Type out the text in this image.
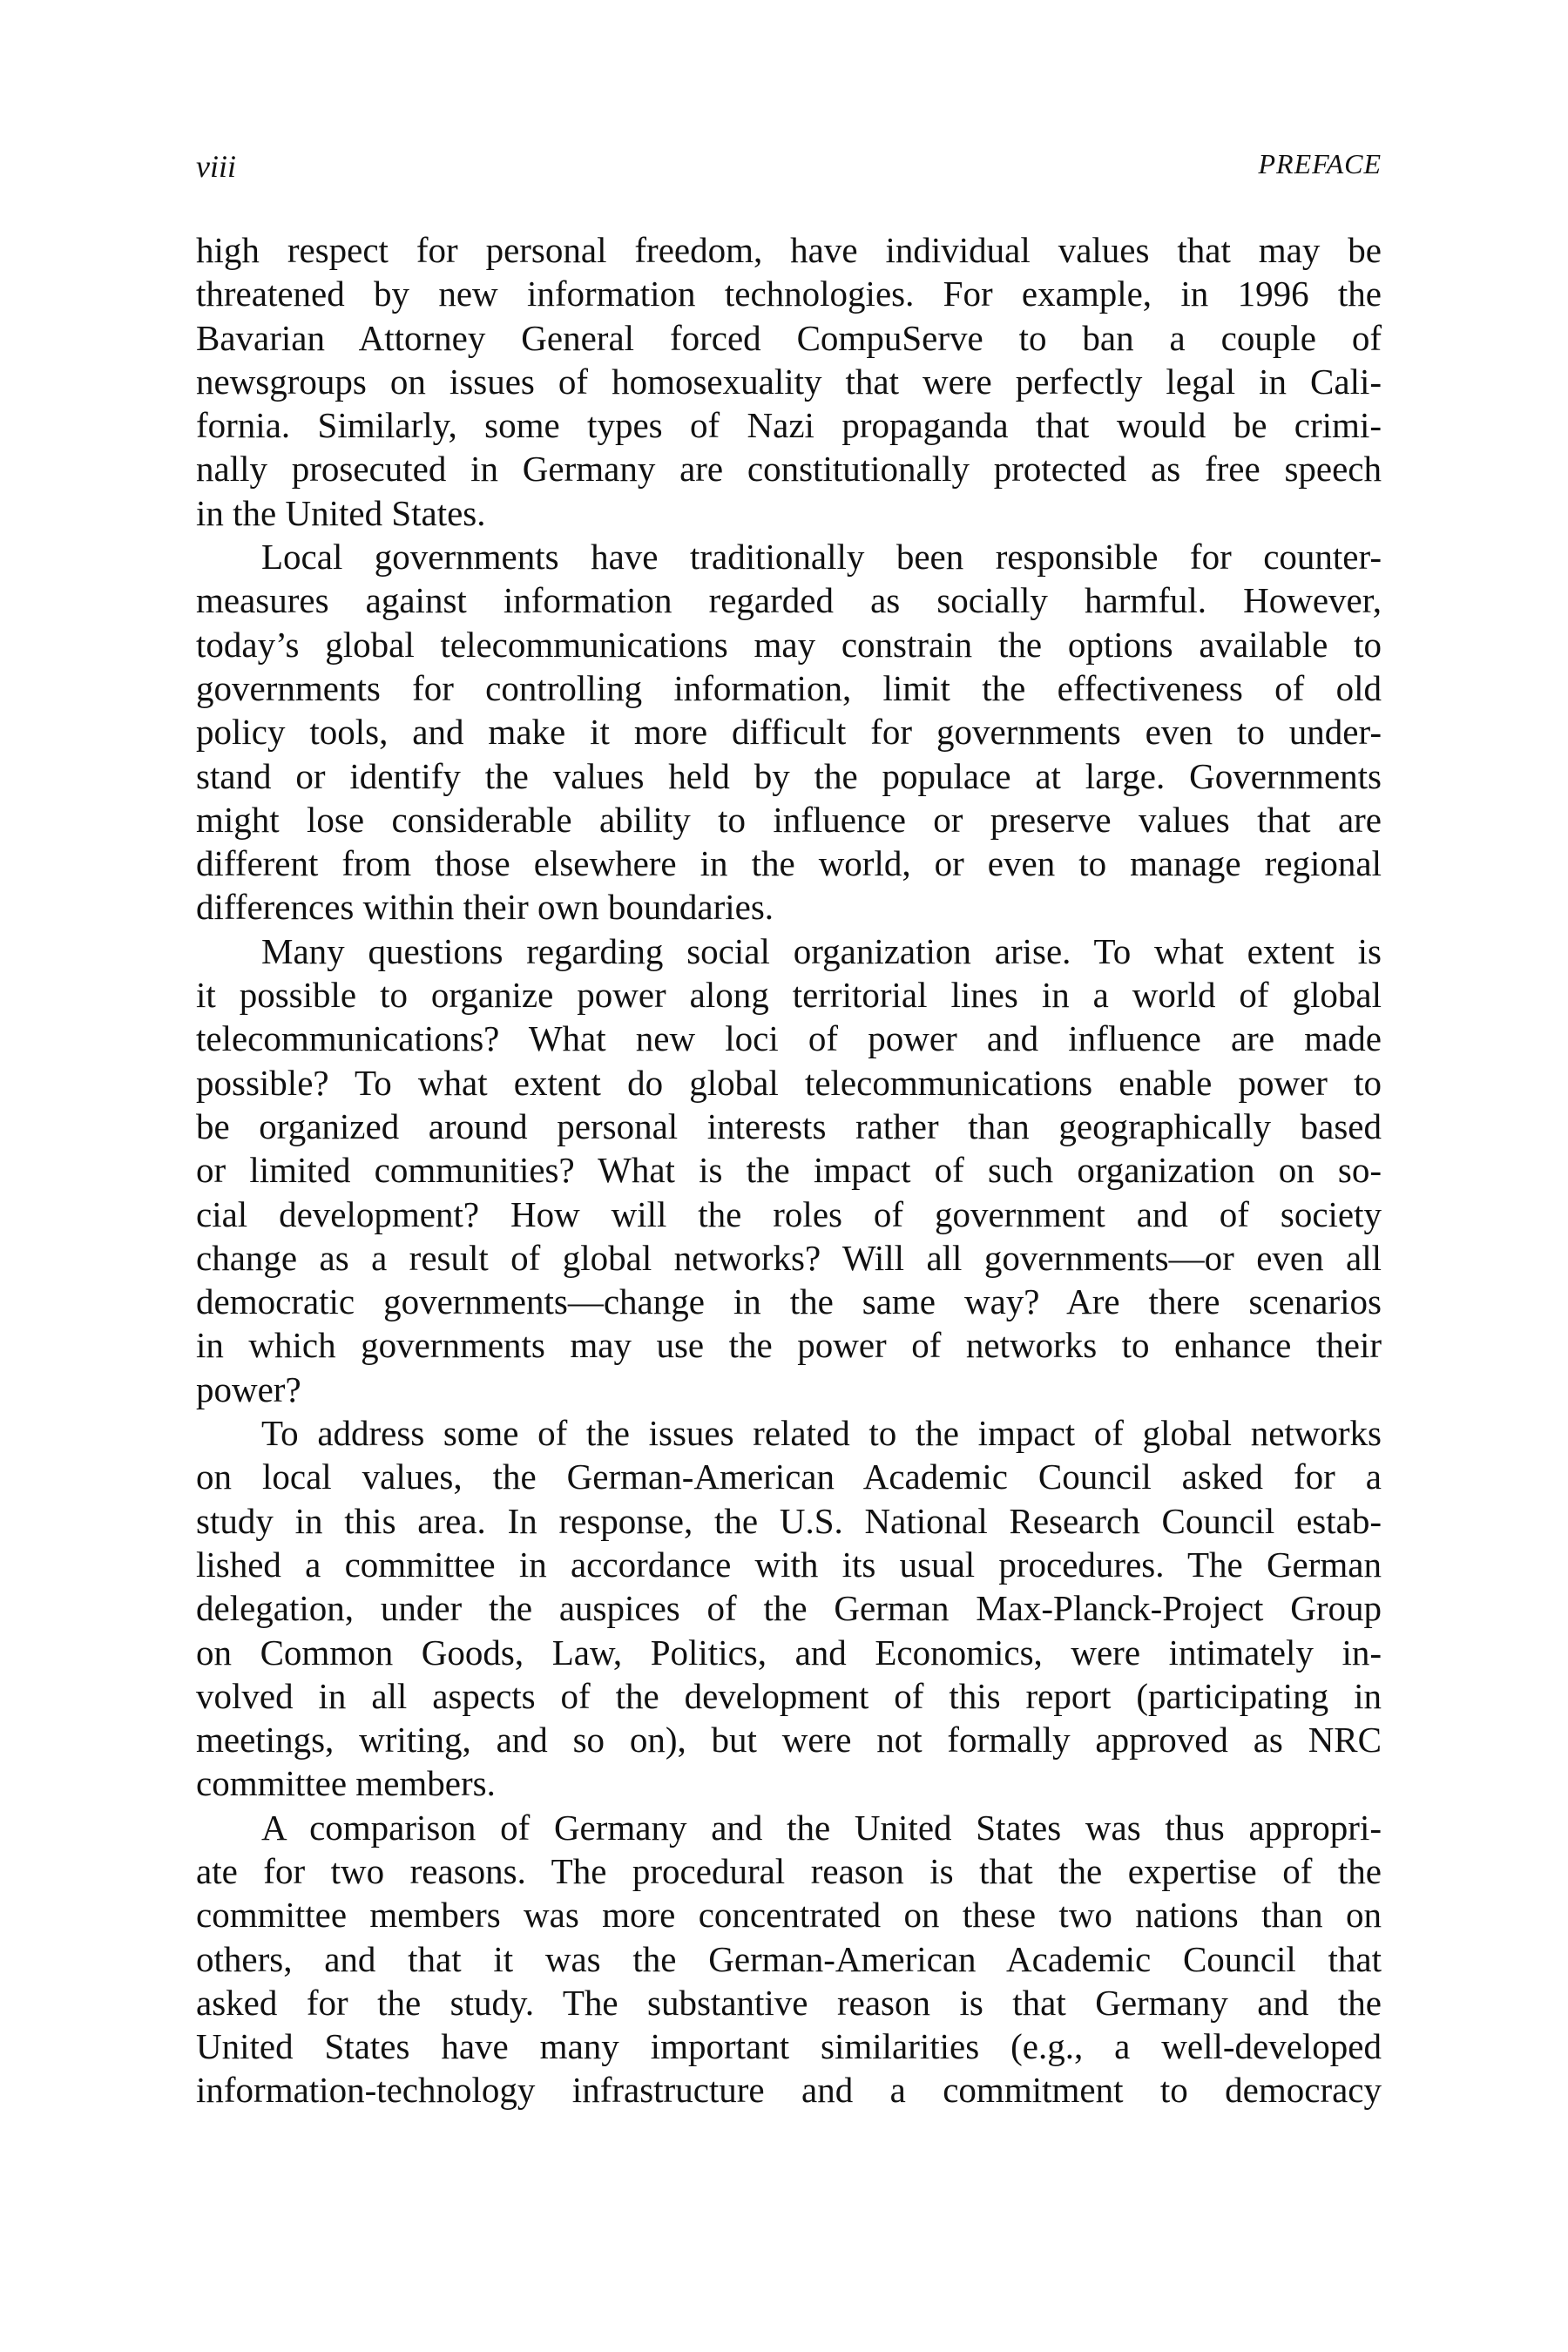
viii	PREFACE
high respect for personal freedom, have individual values that may be
threatened by new information technologies. For example, in 1996 the
Bavarian Attorney General forced CompuServe to ban a couple of
newsgroups on issues of homosexuality that were perfectly legal in Cali-
fornia. Similarly, some types of Nazi propaganda that would be crimi-
nally prosecuted in Germany are constitutionally protected as free speech
in the United States.
Local governments have traditionally been responsible for counter-
measures against information regarded as socially harmful. However,
today’s global telecommunications may constrain the options available to
governments for controlling information, limit the effectiveness of old
policy tools, and make it more difficult for governments even to under-
stand or identify the values held by the populace at large. Governments
might lose considerable ability to influence or preserve values that are
different from those elsewhere in the world, or even to manage regional
differences within their own boundaries.
Many questions regarding social organization arise. To what extent is
it possible to organize power along territorial lines in a world of global
telecommunications? What new loci of power and influence are made
possible? To what extent do global telecommunications enable power to
be organized around personal interests rather than geographically based
or limited communities? What is the impact of such organization on so-
cial development? How will the roles of government and of society
change as a result of global networks? Will all governments—or even all
democratic governments—change in the same way? Are there scenarios
in which governments may use the power of networks to enhance their
power?
To address some of the issues related to the impact of global networks
on local values, the German-American Academic Council asked for a
study in this area. In response, the U.S. National Research Council estab-
lished a committee in accordance with its usual procedures. The German
delegation, under the auspices of the German Max-Planck-Project Group
on Common Goods, Law, Politics, and Economics, were intimately in-
volved in all aspects of the development of this report (participating in
meetings, writing, and so on), but were not formally approved as NRC
committee members.
A comparison of Germany and the United States was thus appropri-
ate for two reasons. The procedural reason is that the expertise of the
committee members was more concentrated on these two nations than on
others, and that it was the German-American Academic Council that
asked for the study. The substantive reason is that Germany and the
United States have many important similarities (e.g., a well-developed
information-technology infrastructure and a commitment to democracy
